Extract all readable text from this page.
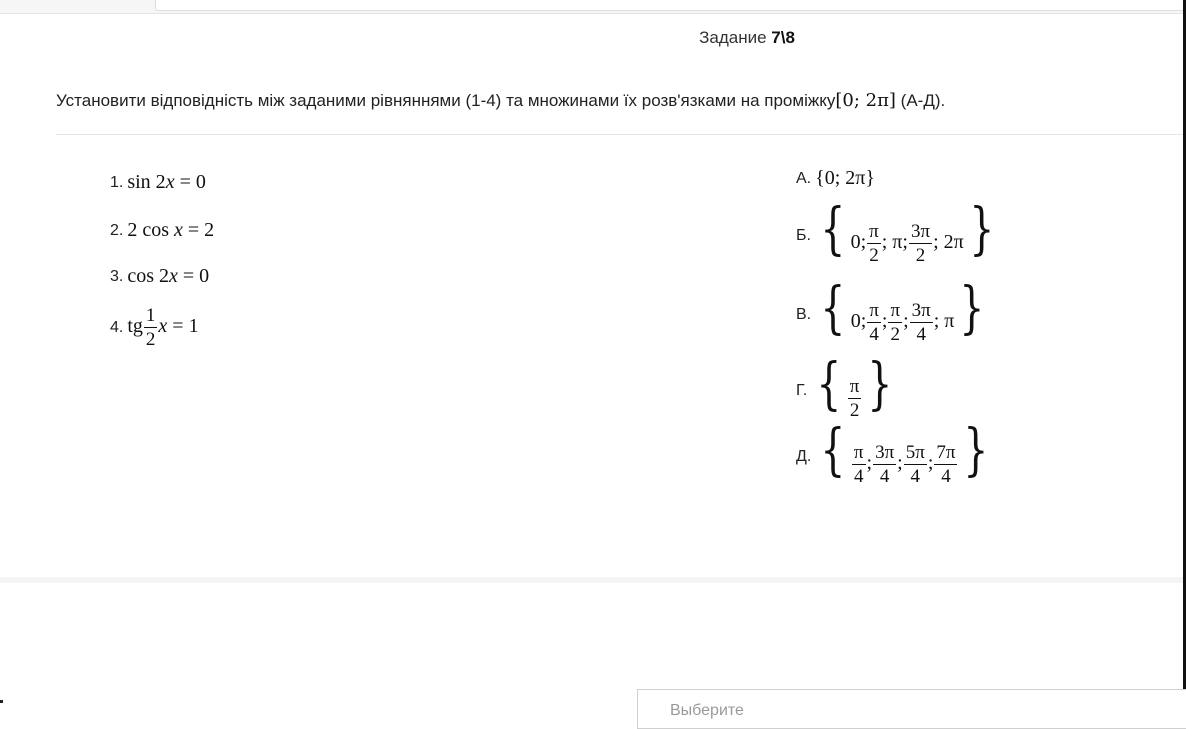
Задание 7\8
Установити відповідність між заданими рівняннями (1-4) та множинами їх розв'язками на проміжку[0; 2π] (А-Д).
1. sin 2x = 0
2. 2 cos x = 2
3. cos 2x = 0
4. tg $\frac{1}{2}$ x = 1
А. {0; 2π}
Б. { 0; $\frac{\pi}{2}$ ; π; $\frac{3\pi}{2}$ ; 2π}
В. { 0; $\frac{\pi}{4}$ ; $\frac{\pi}{2}$ ; $\frac{3\pi}{4}$ ; π}
Г. { $\frac{\pi}{2}$ }
Д. { $\frac{\pi}{4}$ ; $\frac{3\pi}{4}$ ; $\frac{5\pi}{4}$ ; $\frac{7\pi}{4}$ }
Выберите
